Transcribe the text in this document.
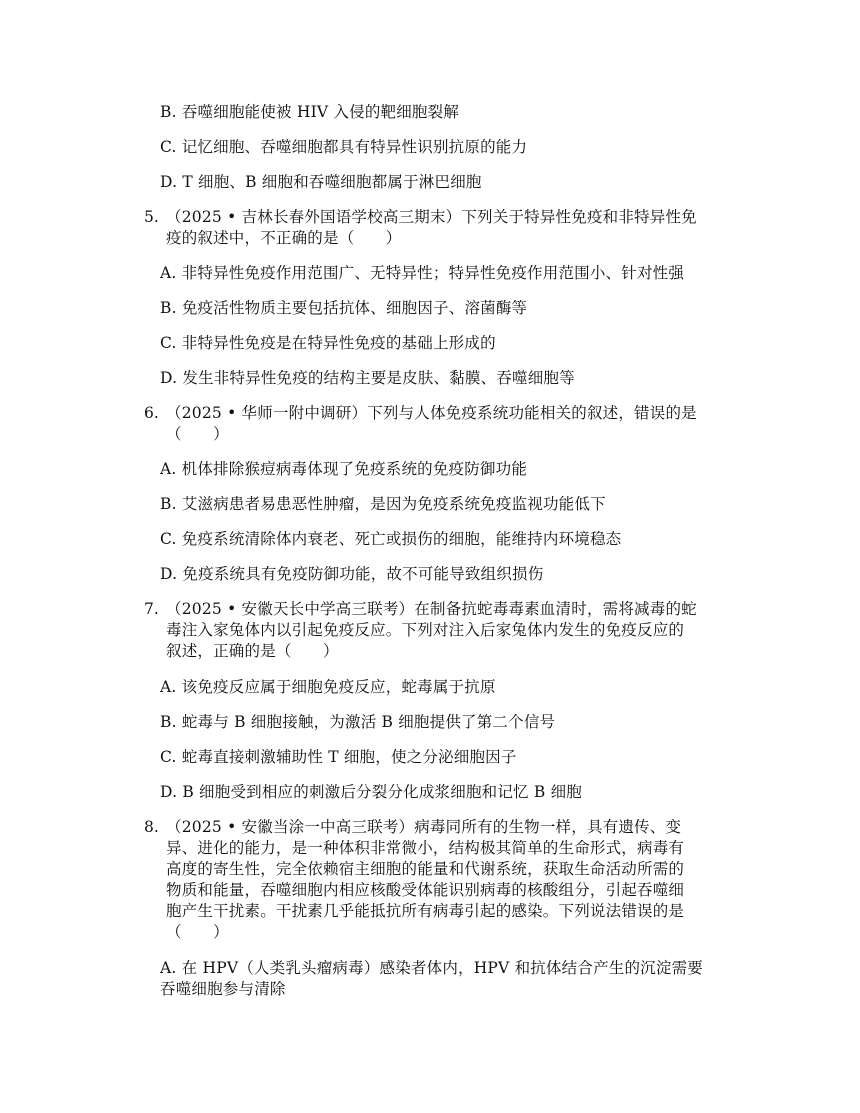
B. 吞噬细胞能使被 HIV 入侵的靶细胞裂解
C. 记忆细胞、吞噬细胞都具有特异性识别抗原的能力
D. T 细胞、B 细胞和吞噬细胞都属于淋巴细胞
5. （2025 • 吉林长春外国语学校高三期末）下列关于特异性免疫和非特异性免
疫的叙述中，不正确的是（　　）
A. 非特异性免疫作用范围广、无特异性；特异性免疫作用范围小、针对性强
B. 免疫活性物质主要包括抗体、细胞因子、溶菌酶等
C. 非特异性免疫是在特异性免疫的基础上形成的
D. 发生非特异性免疫的结构主要是皮肤、黏膜、吞噬细胞等
6. （2025 • 华师一附中调研）下列与人体免疫系统功能相关的叙述，错误的是
（　　）
A. 机体排除猴痘病毒体现了免疫系统的免疫防御功能
B. 艾滋病患者易患恶性肿瘤，是因为免疫系统免疫监视功能低下
C. 免疫系统清除体内衰老、死亡或损伤的细胞，能维持内环境稳态
D. 免疫系统具有免疫防御功能，故不可能导致组织损伤
7. （2025 • 安徽天长中学高三联考）在制备抗蛇毒毒素血清时，需将减毒的蛇
毒注入家兔体内以引起免疫反应。下列对注入后家兔体内发生的免疫反应的
叙述，正确的是（　　）
A. 该免疫反应属于细胞免疫反应，蛇毒属于抗原
B. 蛇毒与 B 细胞接触，为激活 B 细胞提供了第二个信号
C. 蛇毒直接刺激辅助性 T 细胞，使之分泌细胞因子
D. B 细胞受到相应的刺激后分裂分化成浆细胞和记忆 B 细胞
8. （2025 • 安徽当涂一中高三联考）病毒同所有的生物一样，具有遗传、变
异、进化的能力，是一种体积非常微小，结构极其简单的生命形式，病毒有
高度的寄生性，完全依赖宿主细胞的能量和代谢系统，获取生命活动所需的
物质和能量，吞噬细胞内相应核酸受体能识别病毒的核酸组分，引起吞噬细
胞产生干扰素。干扰素几乎能抵抗所有病毒引起的感染。下列说法错误的是
（　　）
A. 在 HPV（人类乳头瘤病毒）感染者体内，HPV 和抗体结合产生的沉淀需要
吞噬细胞参与清除
